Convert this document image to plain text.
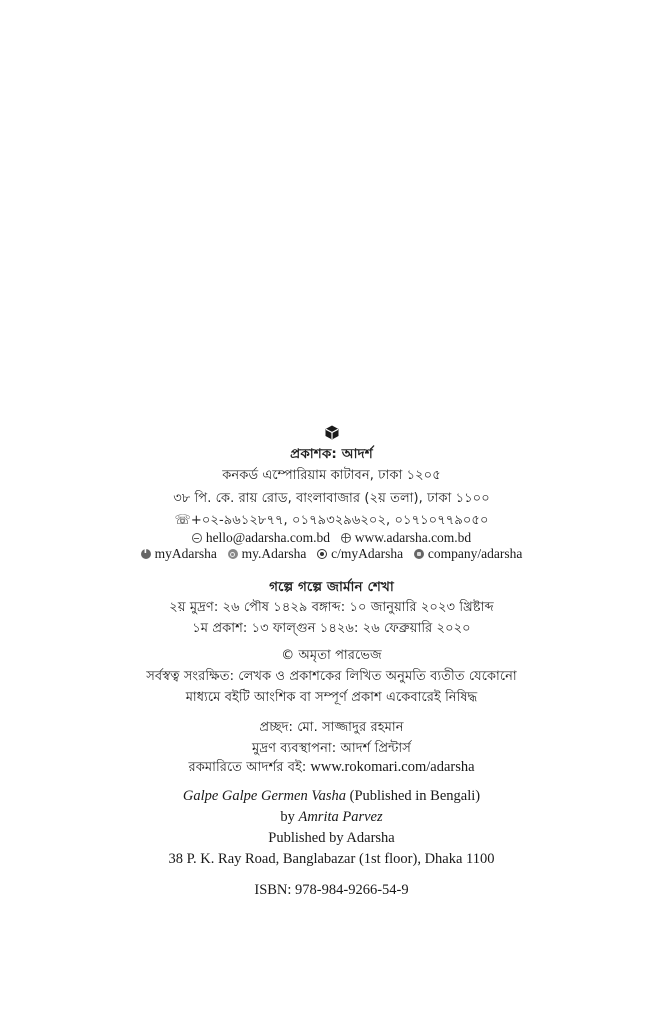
প্রকাশক: আদর্শ
কনকর্ড এম্পোরিয়াম কাটাবন, ঢাকা ১২০৫
৩৮ পি. কে. রায় রোড, বাংলাবাজার (২য় তলা), ঢাকা ১১০০
☏+০২-৯৬১২৮৭৭, ০১৭৯৩২৯৬২০২, ০১৭১০৭৭৯০৫০
hello@adarsha.com.bd www.adarsha.com.bd
fmyAdarsha my.Adarsha c/myAdarsha company/adarsha
গল্পে গল্পে জার্মান শেখা
২য় মুদ্রণ: ২৬ পৌষ ১৪২৯ বঙ্গাব্দ: ১০ জানুয়ারি ২০২৩ খ্রিষ্টাব্দ
১ম প্রকাশ: ১৩ ফাল্গুন ১৪২৬: ২৬ ফেব্রুয়ারি ২০২০
© অমৃতা পারভেজ
সর্বস্বত্ব সংরক্ষিত: লেখক ও প্রকাশকের লিখিত অনুমতি ব্যতীত যেকোনো
মাধ্যমে বইটি আংশিক বা সম্পূর্ণ প্রকাশ একেবারেই নিষিদ্ধ
প্রচ্ছদ: মো. সাজ্জাদুর রহমান
মুদ্রণ ব্যবস্থাপনা: আদর্শ প্রিন্টার্স
রকমারিতে আদর্শর বই: www.rokomari.com/adarsha
Galpe Galpe Germen Vasha (Published in Bengali)
by Amrita Parvez
Published by Adarsha
38 P. K. Ray Road, Banglabazar (1st floor), Dhaka 1100
ISBN: 978-984-9266-54-9
